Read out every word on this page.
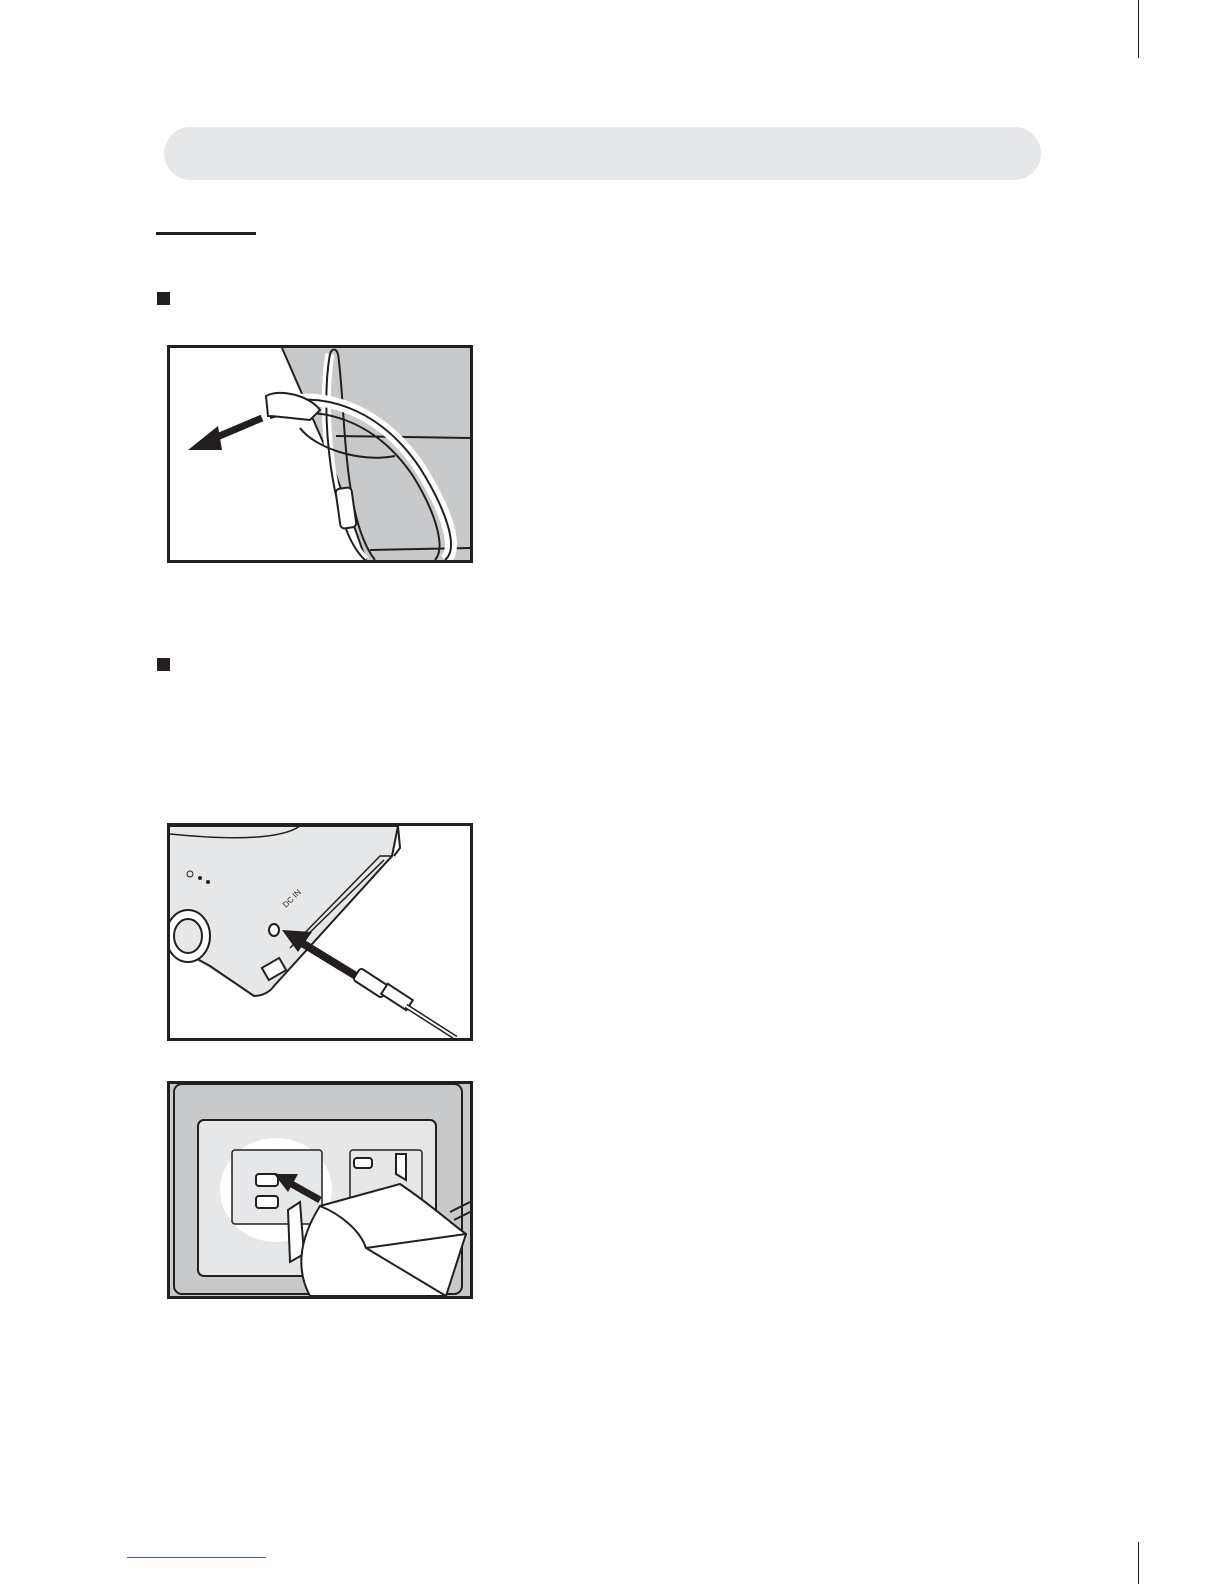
DC IN
